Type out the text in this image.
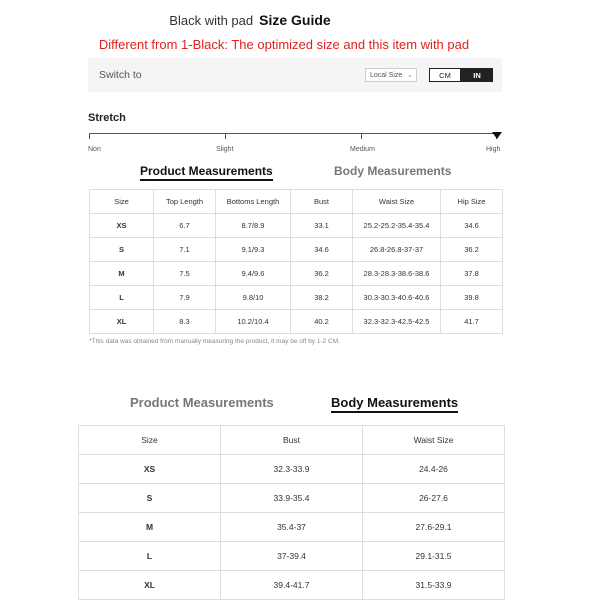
’
Black with pad Size Guide
Different from 1-Black: The optimized size and this item with pad
Switch to	Local Size ⌄	CM	IN
Stretch
Non	Slight	Medium	High
Product Measurements	Body Measurements
Size	Top Length	Bottoms Length	Bust	Waist Size	Hip Size
XS	6.7	8.7/8.9	33.1	25.2-25.2-35.4-35.4	34.6
S	7.1	9.1/9.3	34.6	26.8-26.8-37-37	36.2
M	7.5	9.4/9.6	36.2	28.3-28.3-38.6-38.6	37.8
L	7.9	9.8/10	38.2	30.3-30.3-40.6-40.6	39.8
XL	8.3	10.2/10.4	40.2	32.3-32.3-42.5-42.5	41.7
*This data was obtained from manually measuring the product, it may be off by 1-2 CM.
Product Measurements	Body Measurements
Size	Bust	Waist Size
XS	32.3-33.9	24.4-26
S	33.9-35.4	26-27.6
M	35.4-37	27.6-29.1
L	37-39.4	29.1-31.5
XL	39.4-41.7	31.5-33.9
